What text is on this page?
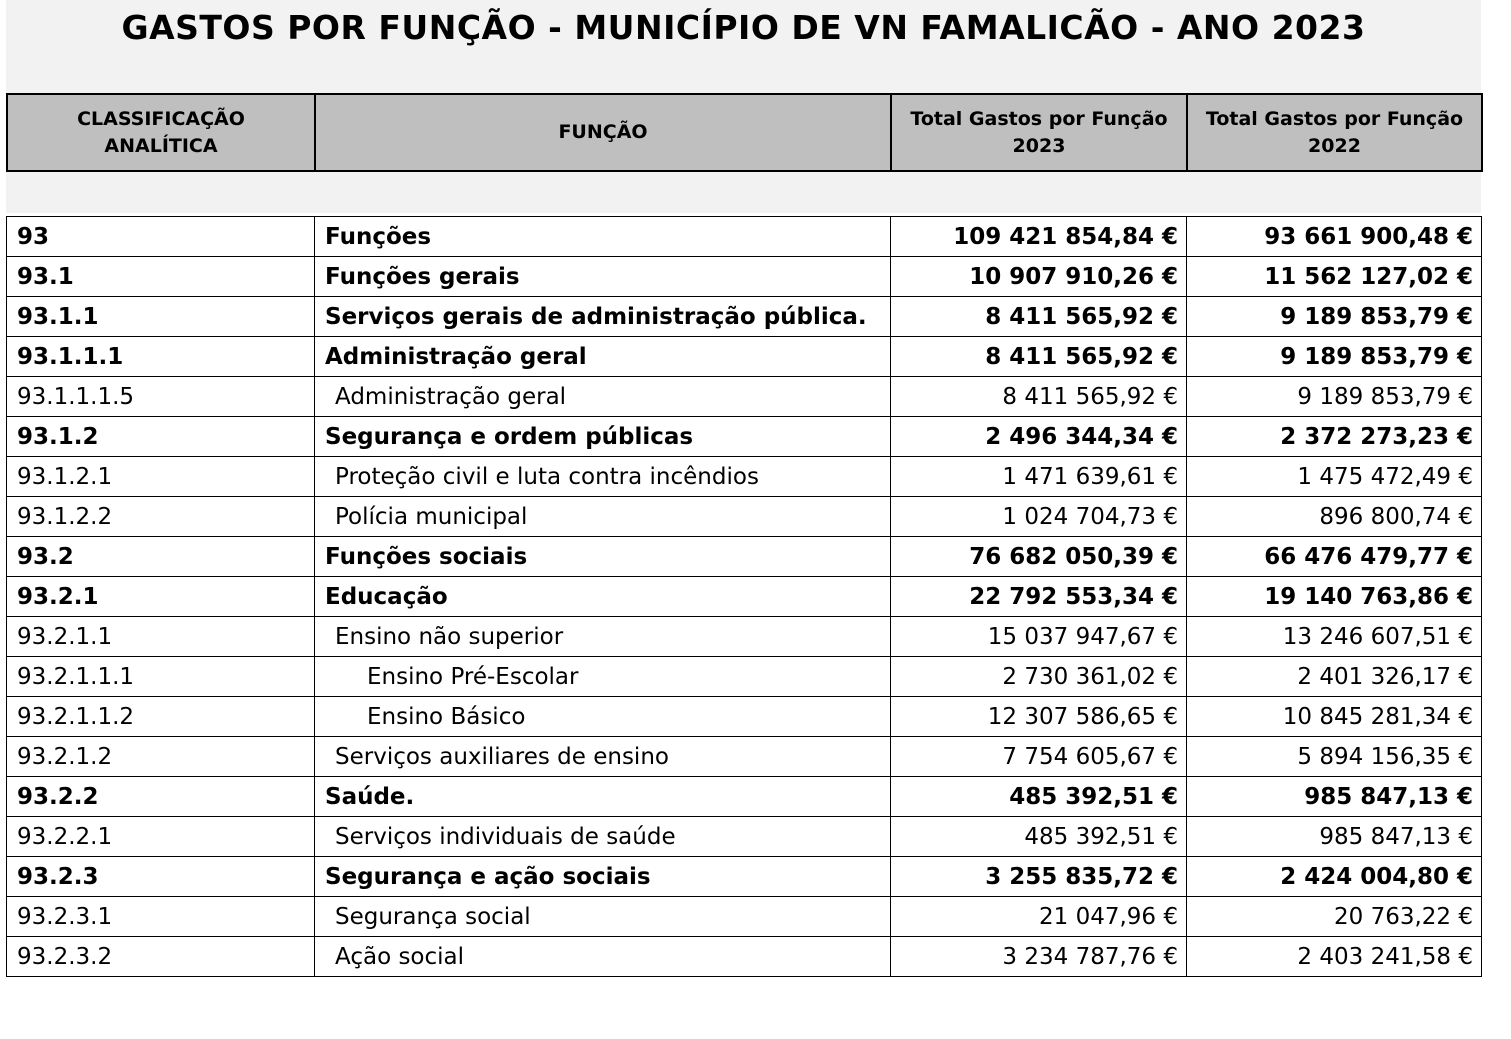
GASTOS POR FUNÇÃO - MUNICÍPIO DE VN FAMALICÃO - ANO 2023
CLASSIFICAÇÃO ANALÍTICA	FUNÇÃO	Total Gastos por Função 2023	Total Gastos por Função 2022
93	Funções	109 421 854,84 €	93 661 900,48 €
93.1	Funções gerais	10 907 910,26 €	11 562 127,02 €
93.1.1	Serviços gerais de administração pública.	8 411 565,92 €	9 189 853,79 €
93.1.1.1	Administração geral	8 411 565,92 €	9 189 853,79 €
93.1.1.1.5	Administração geral	8 411 565,92 €	9 189 853,79 €
93.1.2	Segurança e ordem públicas	2 496 344,34 €	2 372 273,23 €
93.1.2.1	Proteção civil e luta contra incêndios	1 471 639,61 €	1 475 472,49 €
93.1.2.2	Polícia municipal	1 024 704,73 €	896 800,74 €
93.2	Funções sociais	76 682 050,39 €	66 476 479,77 €
93.2.1	Educação	22 792 553,34 €	19 140 763,86 €
93.2.1.1	Ensino não superior	15 037 947,67 €	13 246 607,51 €
93.2.1.1.1	Ensino Pré-Escolar	2 730 361,02 €	2 401 326,17 €
93.2.1.1.2	Ensino Básico	12 307 586,65 €	10 845 281,34 €
93.2.1.2	Serviços auxiliares de ensino	7 754 605,67 €	5 894 156,35 €
93.2.2	Saúde.	485 392,51 €	985 847,13 €
93.2.2.1	Serviços individuais de saúde	485 392,51 €	985 847,13 €
93.2.3	Segurança e ação sociais	3 255 835,72 €	2 424 004,80 €
93.2.3.1	Segurança social	21 047,96 €	20 763,22 €
93.2.3.2	Ação social	3 234 787,76 €	2 403 241,58 €
